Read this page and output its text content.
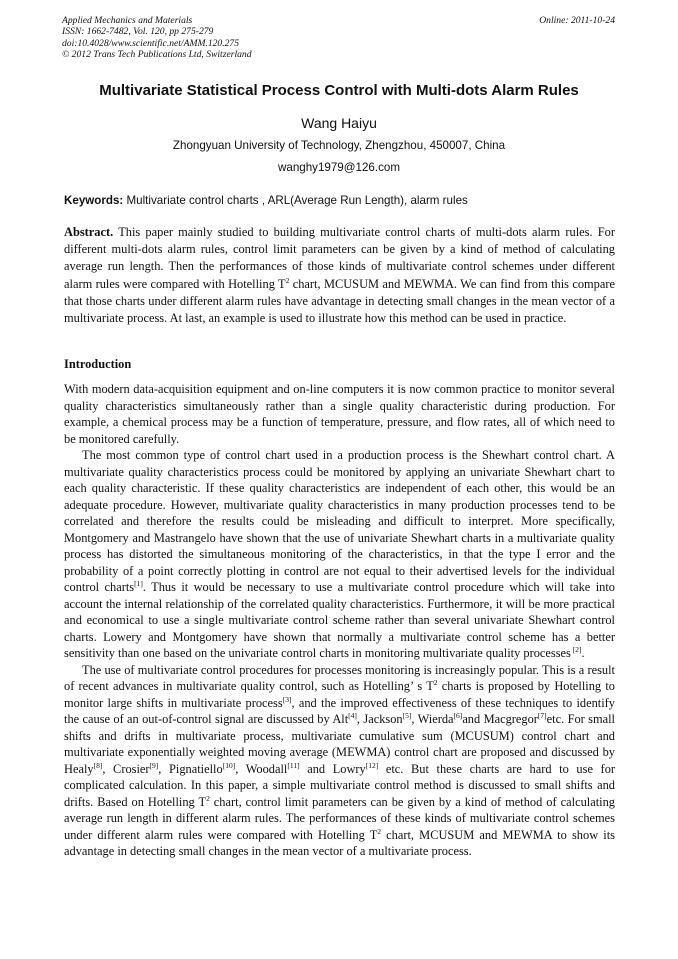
Applied Mechanics and Materials
ISSN: 1662-7482, Vol. 120, pp 275-279
doi:10.4028/www.scientific.net/AMM.120.275
© 2012 Trans Tech Publications Ltd, Switzerland
Online: 2011-10-24
Multivariate Statistical Process Control with Multi-dots Alarm Rules
Wang Haiyu
Zhongyuan University of Technology, Zhengzhou, 450007, China
wanghy1979@126.com
Keywords: Multivariate control charts , ARL(Average Run Length), alarm rules
Abstract. This paper mainly studied to building multivariate control charts of multi-dots alarm rules. For different multi-dots alarm rules, control limit parameters can be given by a kind of method of calculating average run length. Then the performances of those kinds of multivariate control schemes under different alarm rules were compared with Hotelling $T^2$ chart, MCUSUM and MEWMA. We can find from this compare that those charts under different alarm rules have advantage in detecting small changes in the mean vector of a multivariate process. At last, an example is used to illustrate how this method can be used in practice.
Introduction

With modern data-acquisition equipment and on-line computers it is now common practice to monitor several quality characteristics simultaneously rather than a single quality characteristic during production. For example, a chemical process may be a function of temperature, pressure, and flow rates, all of which need to be monitored carefully.

The most common type of control chart used in a production process is the Shewhart control chart. A multivariate quality characteristics process could be monitored by applying an univariate Shewhart chart to each quality characteristic. If these quality characteristics are independent of each other, this would be an adequate procedure. However, multivariate quality characteristics in many production processes tend to be correlated and therefore the results could be misleading and difficult to interpret. More specifically, Montgomery and Mastrangelo have shown that the use of univariate Shewhart charts in a multivariate quality process has distorted the simultaneous monitoring of the characteristics, in that the type I error and the probability of a point correctly plotting in control are not equal to their advertised levels for the individual control charts[1]. Thus it would be necessary to use a multivariate control procedure which will take into account the internal relationship of the correlated quality characteristics. Furthermore, it will be more practical and economical to use a single multivariate control scheme rather than several univariate Shewhart control charts. Lowery and Montgomery have shown that normally a multivariate control scheme has a better sensitivity than one based on the univariate control charts in monitoring multivariate quality processes [2].

The use of multivariate control procedures for processes monitoring is increasingly popular. This is a result of recent advances in multivariate quality control, such as Hotelling’ s $T^2$ charts is proposed by Hotelling to monitor large shifts in multivariate process[3], and the improved effectiveness of these techniques to identify the cause of an out-of-control signal are discussed by Alt[4], Jackson[5], Wierda[6]and Macgregor[7]etc. For small shifts and drifts in multivariate process, multivariate cumulative sum (MCUSUM) control chart and multivariate exponentially weighted moving average (MEWMA) control chart are proposed and discussed by Healy[8], Crosier[9], Pignatiello[10], Woodall[11] and Lowry[12] etc. But these charts are hard to use for complicated calculation. In this paper, a simple multivariate control method is discussed to small shifts and drifts. Based on Hotelling $T^2$ chart, control limit parameters can be given by a kind of method of calculating average run length in different alarm rules. The performances of these kinds of multivariate control schemes under different alarm rules were compared with Hotelling $T^2$ chart, MCUSUM and MEWMA to show its advantage in detecting small changes in the mean vector of a multivariate process.
